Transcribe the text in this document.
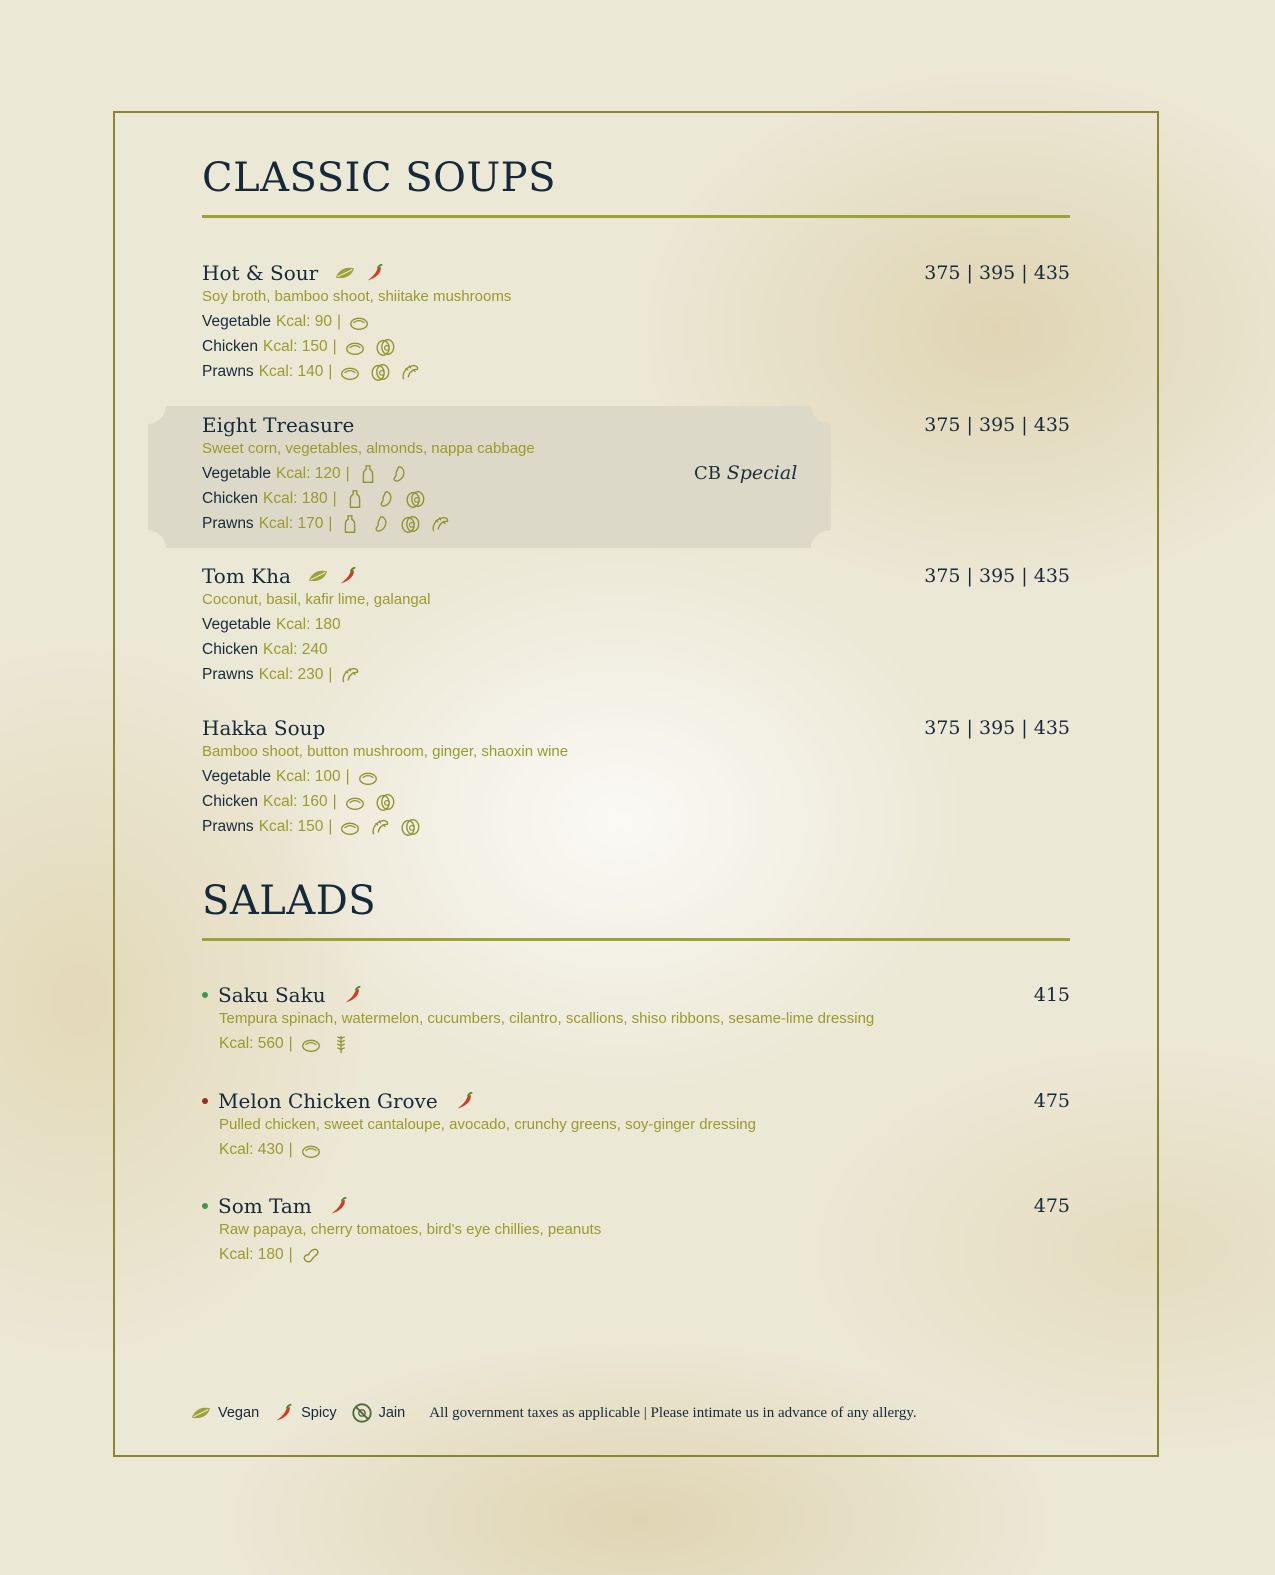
CLASSIC SOUPS
Hot & Sour	375 | 395 | 435
Soy broth, bamboo shoot, shiitake mushrooms
Vegetable Kcal: 90 |
Chicken Kcal: 150 |
Prawns Kcal: 140 |
Eight Treasure	375 | 395 | 435
Sweet corn, vegetables, almonds, nappa cabbage
Vegetable Kcal: 120 |
Chicken Kcal: 180 |
Prawns Kcal: 170 |
CB Special
Tom Kha	375 | 395 | 435
Coconut, basil, kafir lime, galangal
Vegetable Kcal: 180
Chicken Kcal: 240
Prawns Kcal: 230 |
Hakka Soup	375 | 395 | 435
Bamboo shoot, button mushroom, ginger, shaoxin wine
Vegetable Kcal: 100 |
Chicken Kcal: 160 |
Prawns Kcal: 150 |
SALADS
Saku Saku	415
Tempura spinach, watermelon, cucumbers, cilantro, scallions, shiso ribbons, sesame-lime dressing
Kcal: 560 |
Melon Chicken Grove	475
Pulled chicken, sweet cantaloupe, avocado, crunchy greens, soy-ginger dressing
Kcal: 430 |
Som Tam	475
Raw papaya, cherry tomatoes, bird's eye chillies, peanuts
Kcal: 180 |
Vegan	Spicy	Jain All government taxes as applicable | Please intimate us in advance of any allergy.
